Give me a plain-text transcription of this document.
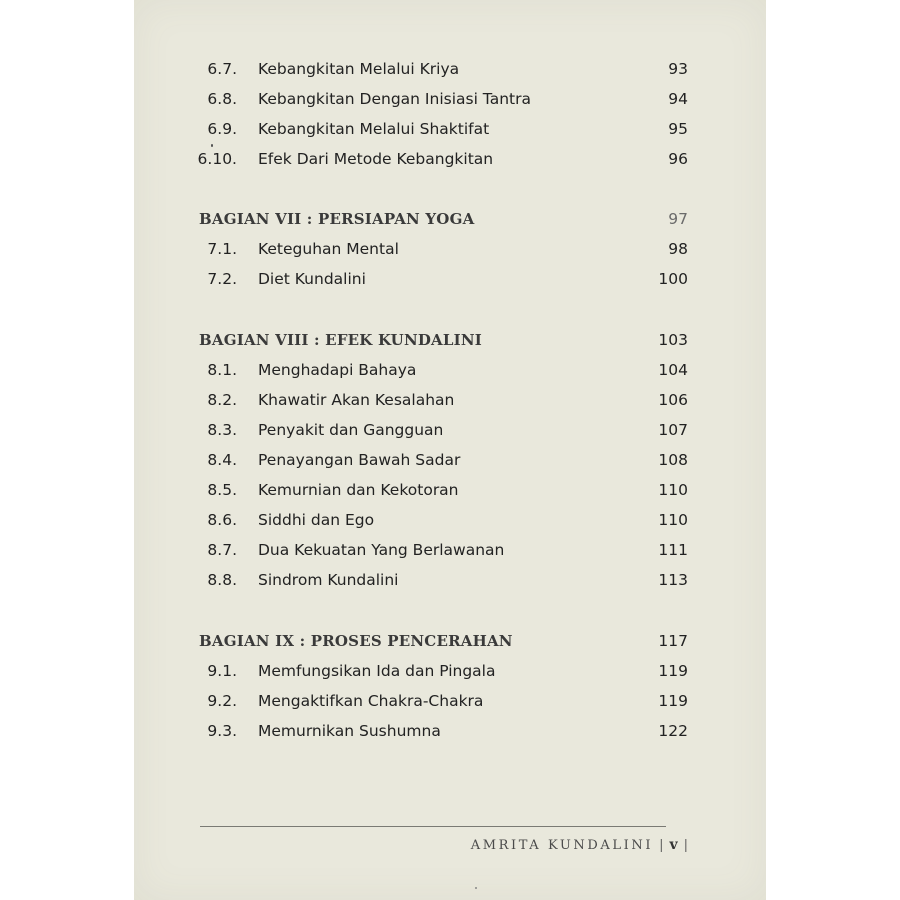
6.7. Kebangkitan Melalui Kriya	93
6.8. Kebangkitan Dengan Inisiasi Tantra	94
6.9. Kebangkitan Melalui Shaktifat	95
6.10. Efek Dari Metode Kebangkitan	96
BAGIAN VII : PERSIAPAN YOGA	97
7.1. Keteguhan Mental	98
7.2. Diet Kundalini	100
BAGIAN VIII : EFEK KUNDALINI	103
8.1. Menghadapi Bahaya	104
8.2. Khawatir Akan Kesalahan	106
8.3. Penyakit dan Gangguan	107
8.4. Penayangan Bawah Sadar	108
8.5. Kemurnian dan Kekotoran	110
8.6. Siddhi dan Ego	110
8.7. Dua Kekuatan Yang Berlawanan	111
8.8. Sindrom Kundalini	113
BAGIAN IX : PROSES PENCERAHAN	117
9.1. Memfungsikan Ida dan Pingala	119
9.2. Mengaktifkan Chakra-Chakra	119
9.3. Memurnikan Sushumna	122
AMRITA KUNDALINI | v |
